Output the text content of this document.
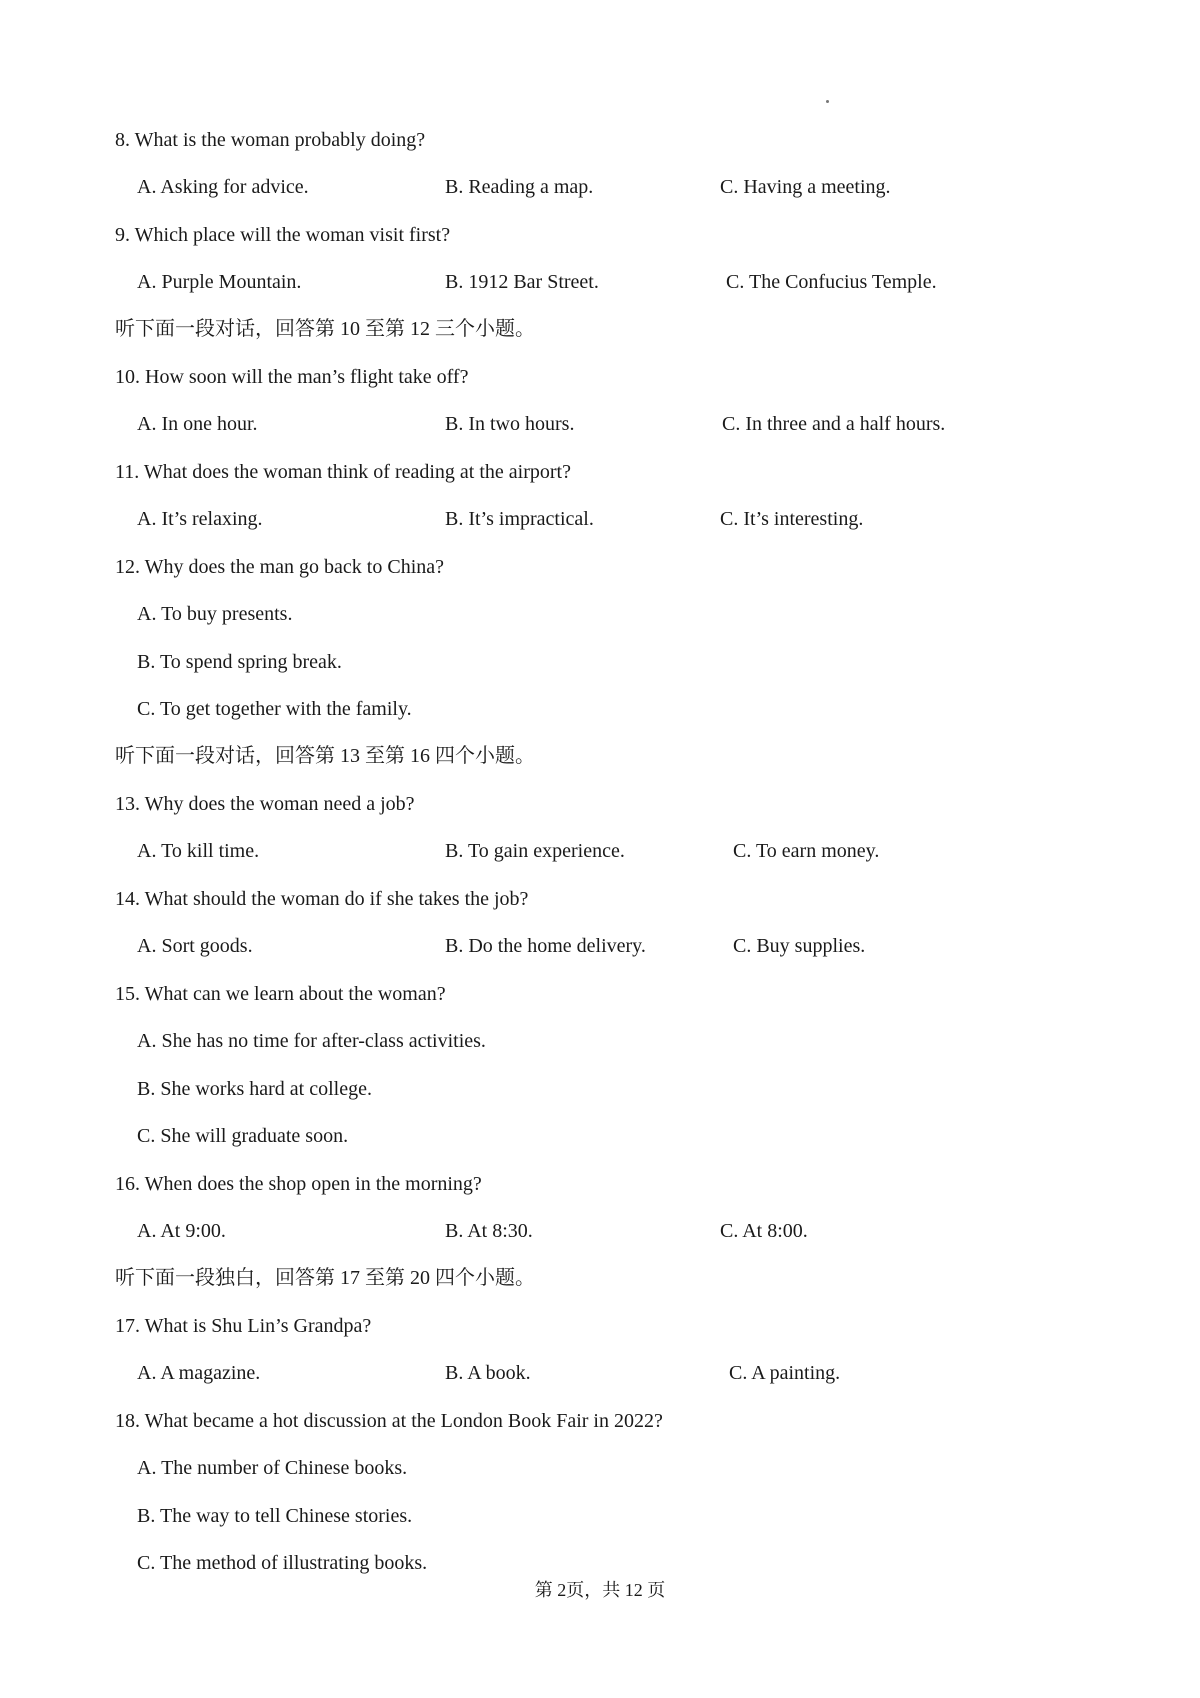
8. What is the woman probably doing?
A. Asking for advice.	B. Reading a map.	C. Having a meeting.
9. Which place will the woman visit first?
A. Purple Mountain.	B. 1912 Bar Street.	C. The Confucius Temple.
听下面一段对话，回答第 10 至第 12 三个小题。
10. How soon will the man’s flight take off?
A. In one hour.	B. In two hours.	C. In three and a half hours.
11. What does the woman think of reading at the airport?
A. It’s relaxing.	B. It’s impractical.	C. It’s interesting.
12. Why does the man go back to China?
A. To buy presents.
B. To spend spring break.
C. To get together with the family.
听下面一段对话，回答第 13 至第 16 四个小题。
13. Why does the woman need a job?
A. To kill time.	B. To gain experience.	C. To earn money.
14. What should the woman do if she takes the job?
A. Sort goods.	B. Do the home delivery.	C. Buy supplies.
15. What can we learn about the woman?
A. She has no time for after-class activities.
B. She works hard at college.
C. She will graduate soon.
16. When does the shop open in the morning?
A. At 9:00.	B. At 8:30.	C. At 8:00.
听下面一段独白，回答第 17 至第 20 四个小题。
17. What is Shu Lin’s Grandpa?
A. A magazine.	B. A book.	C. A painting.
18. What became a hot discussion at the London Book Fair in 2022?
A. The number of Chinese books.
B. The way to tell Chinese stories.
C. The method of illustrating books.
第 2页，共 12 页
